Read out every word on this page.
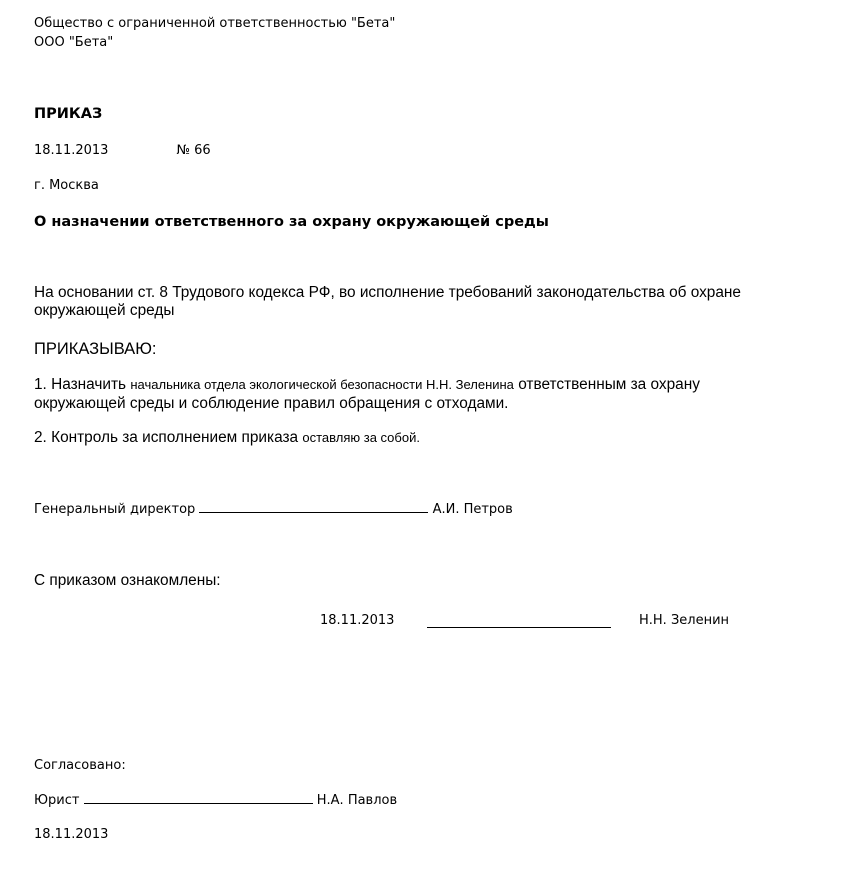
Общество с ограниченной ответственностью "Бета"
ООО "Бета"
ПРИКАЗ
18.11.2013	№ 66
г. Москва
О назначении ответственного за охрану окружающей среды
На основании ст. 8 Трудового кодекса РФ, во исполнение требований законодательства об охране
окружающей среды
ПРИКАЗЫВАЮ:
1. Назначить начальника отдела экологической безопасности Н.Н. Зеленина ответственным за охрану
окружающей среды и соблюдение правил обращения с отходами.
2. Контроль за исполнением приказа оставляю за собой.
Генеральный директор	А.И. Петров
С приказом ознакомлены:
18.11.2013	Н.Н. Зеленин
Согласовано:
Юрист	Н.А. Павлов
18.11.2013
